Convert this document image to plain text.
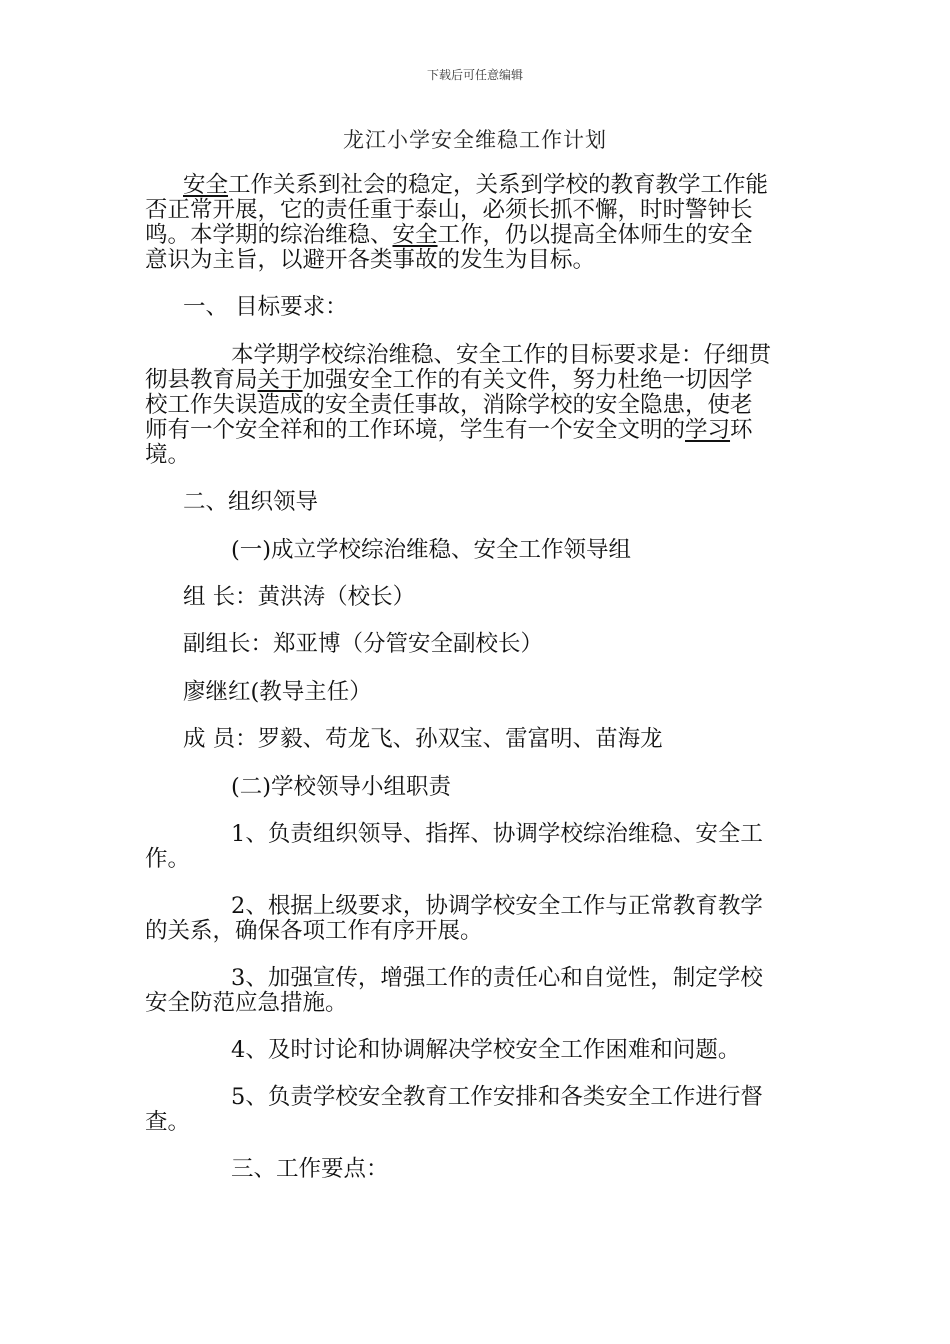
下载后可任意编辑
龙江小学安全维稳工作计划
安全工作关系到社会的稳定，关系到学校的教育教学工作能
否正常开展，它的责任重于泰山，必须长抓不懈，时时警钟长
鸣。本学期的综治维稳、安全工作，仍以提高全体师生的安全
意识为主旨，以避开各类事故的发生为目标。
一、 目标要求：
本学期学校综治维稳、安全工作的目标要求是：仔细贯
彻县教育局关于加强安全工作的有关文件，努力杜绝一切因学
校工作失误造成的安全责任事故，消除学校的安全隐患，使老
师有一个安全祥和的工作环境，学生有一个安全文明的学习环
境。
二、组织领导
(一)成立学校综治维稳、安全工作领导组
组 长：黄洪涛（校长）
副组长：郑亚博（分管安全副校长）
廖继红(教导主任）
成 员：罗毅、苟龙飞、孙双宝、雷富明、苗海龙
(二)学校领导小组职责
1、负责组织领导、指挥、协调学校综治维稳、安全工
作。
2、根据上级要求，协调学校安全工作与正常教育教学
的关系，确保各项工作有序开展。
3、加强宣传，增强工作的责任心和自觉性，制定学校
安全防范应急措施。
4、及时讨论和协调解决学校安全工作困难和问题。
5、负责学校安全教育工作安排和各类安全工作进行督
查。
三、工作要点：
